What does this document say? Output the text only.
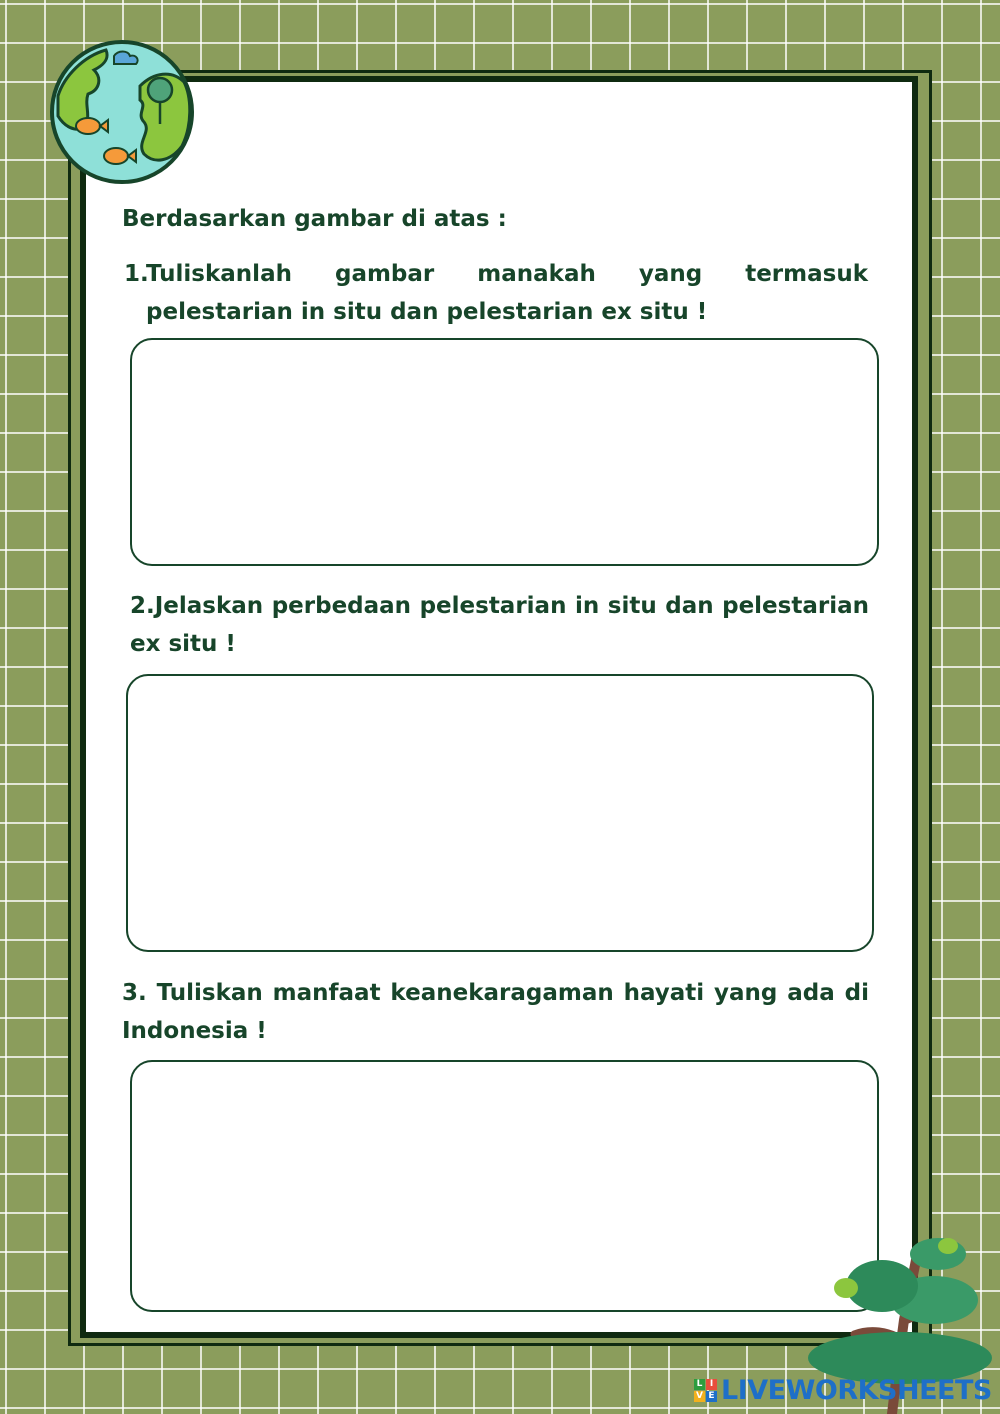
Berdasarkan gambar di atas :

1.

Tuliskanlah gambar manakah yang termasuk pelestarian in situ dan pelestarian ex situ !

2.Jelaskan perbedaan pelestarian in situ dan pelestarian ex situ !

3. Tuliskan manfaat keanekaragaman hayati yang ada di Indonesia !

L I
V E LIVEWORKSHEETS
